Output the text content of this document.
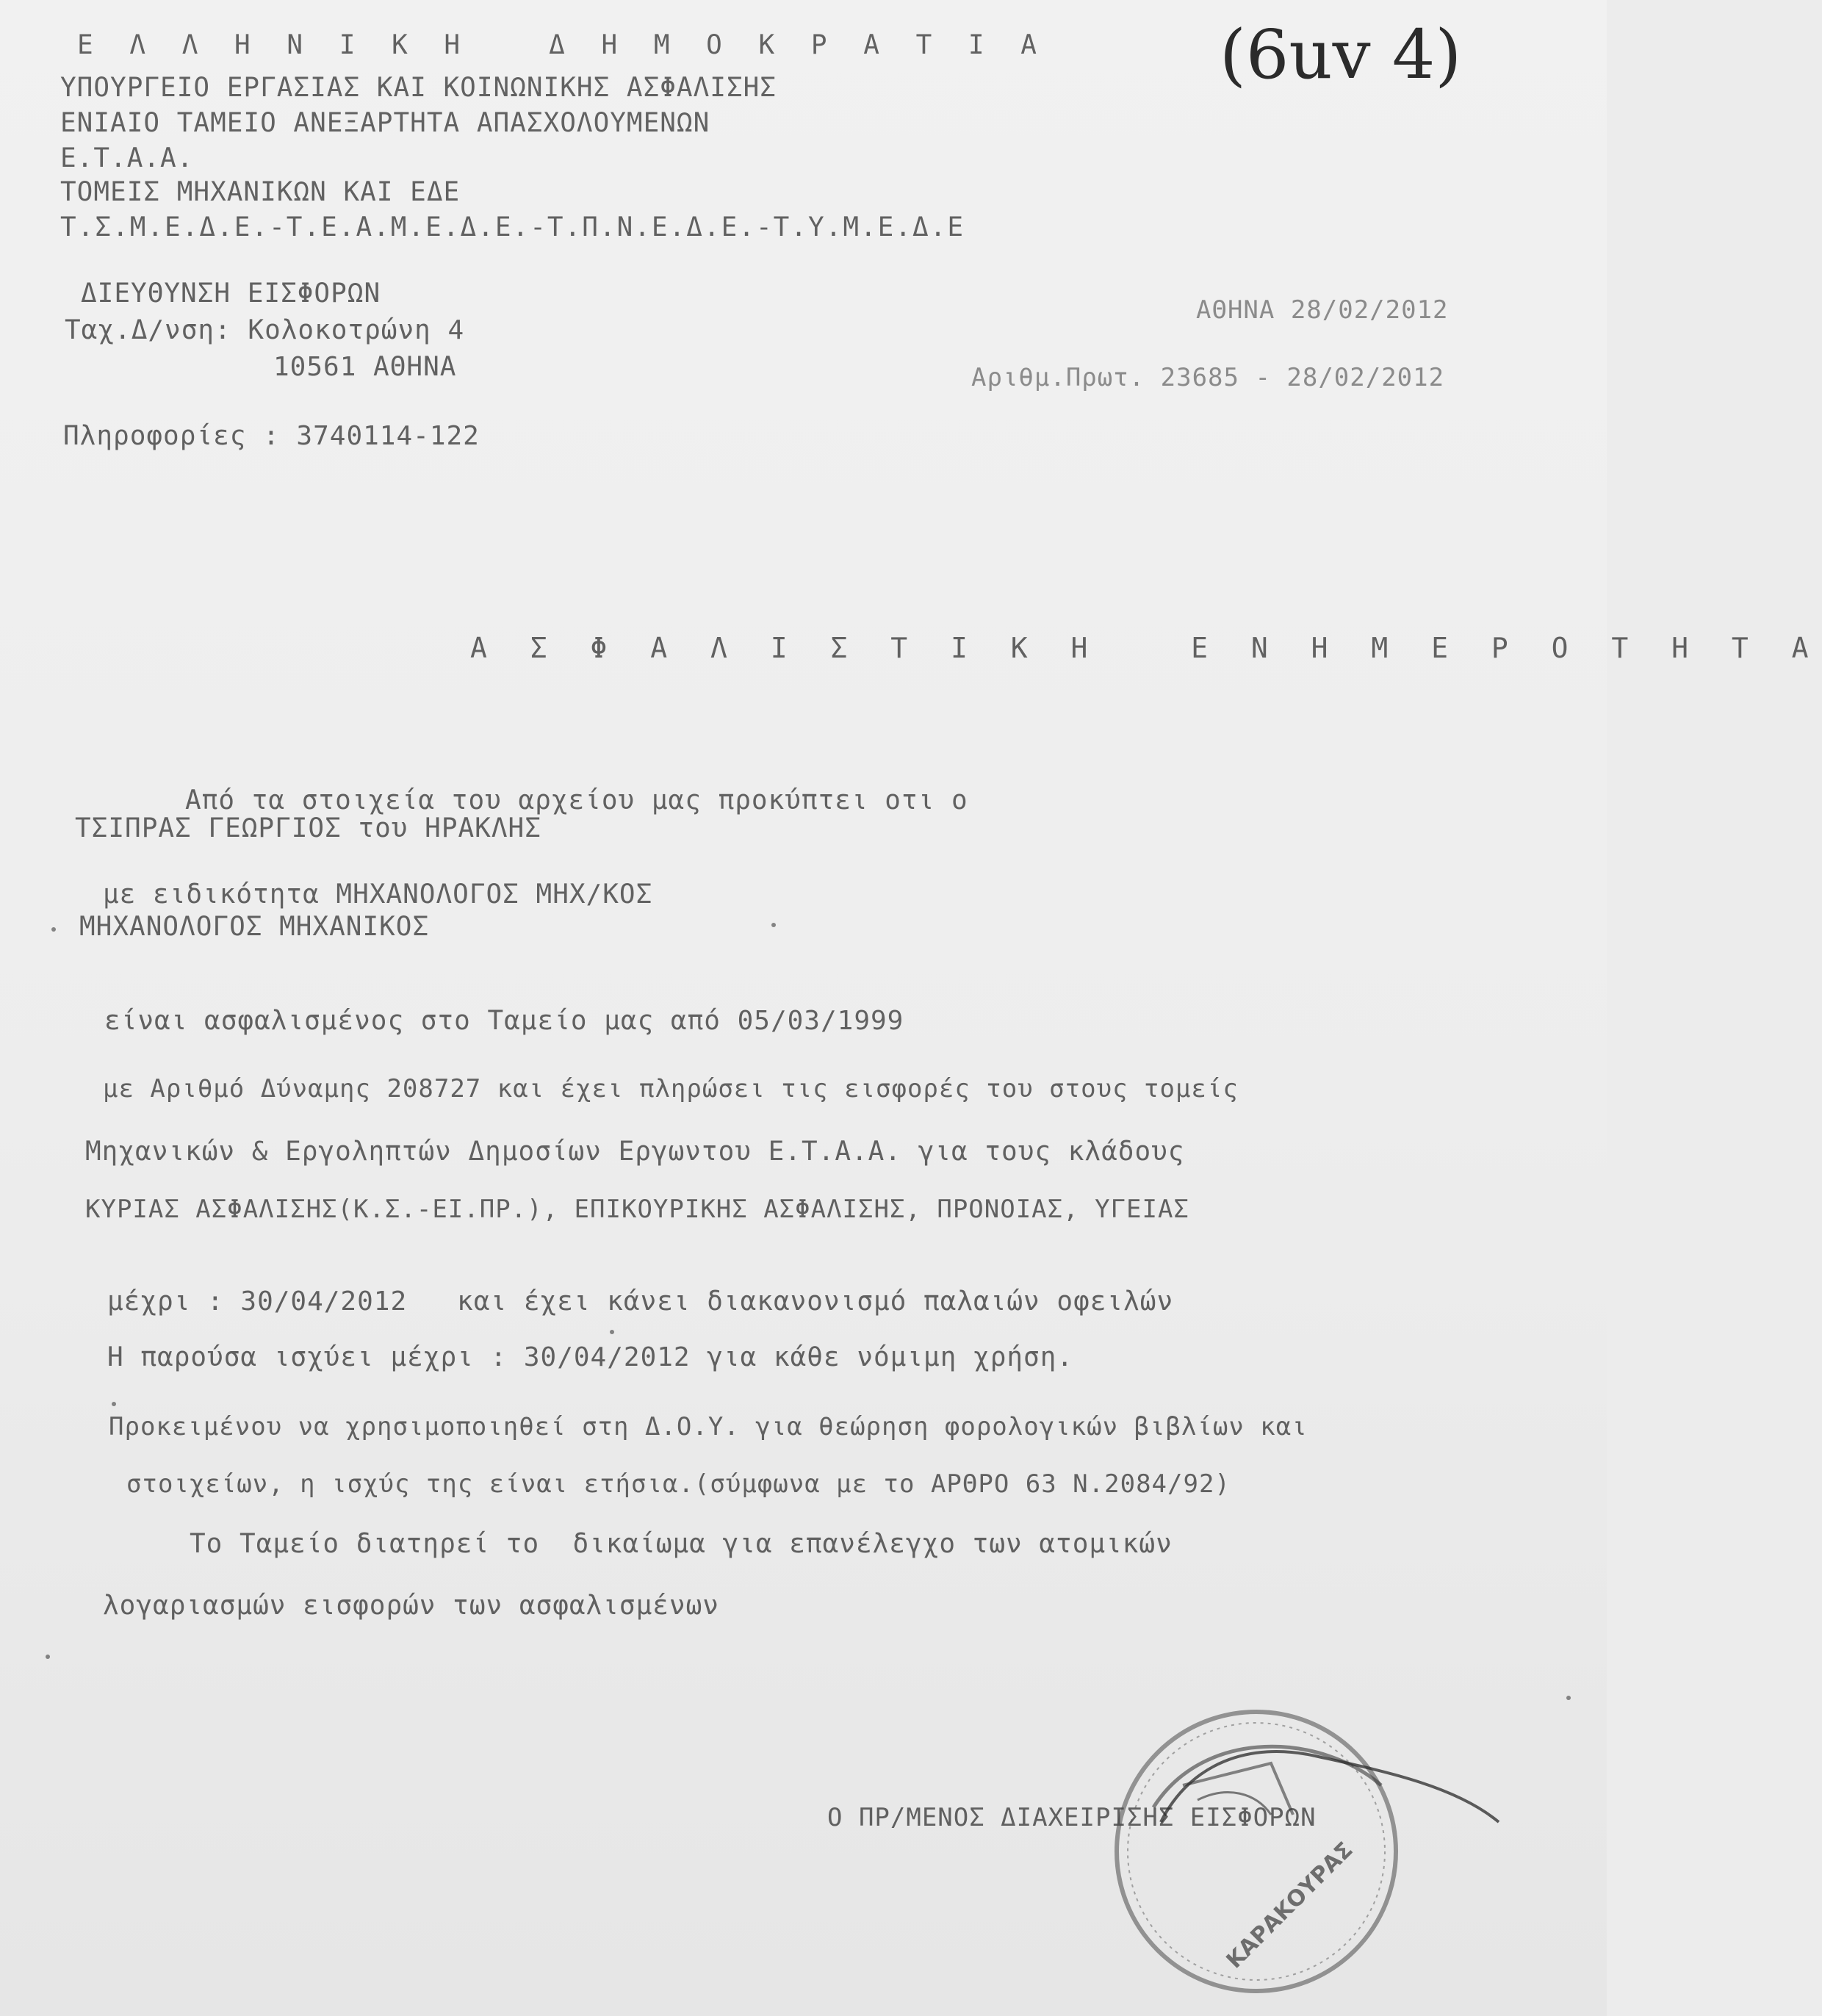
Ε Λ Λ Η Ν Ι Κ Η   Δ Η Μ Ο Κ Ρ Α Τ Ι Α
ΥΠΟΥΡΓΕΙΟ ΕΡΓΑΣΙΑΣ ΚΑΙ ΚΟΙΝΩΝΙΚΗΣ ΑΣΦΑΛΙΣΗΣ
ΕΝΙΑΙΟ ΤΑΜΕΙΟ ΑΝΕΞΑΡΤΗΤΑ ΑΠΑΣΧΟΛΟΥΜΕΝΩΝ
Ε.Τ.Α.Α.
ΤΟΜΕΙΣ ΜΗΧΑΝΙΚΩΝ ΚΑΙ ΕΔΕ
Τ.Σ.Μ.Ε.Δ.Ε.-Τ.Ε.Α.Μ.Ε.Δ.Ε.-Τ.Π.Ν.Ε.Δ.Ε.-Τ.Υ.Μ.Ε.Δ.Ε
(6uv 4)
ΔΙΕΥΘΥΝΣΗ ΕΙΣΦΟΡΩΝ
Ταχ.Δ/νση: Κολοκοτρώνη 4
10561 ΑΘΗΝΑ
Πληροφορίες : 3740114-122
ΑΘΗΝΑ 28/02/2012
Αριθμ.Πρωτ. 23685 - 28/02/2012
Α Σ Φ Α Λ Ι Σ Τ Ι Κ Η   Ε Ν Η Μ Ε Ρ Ο Τ Η Τ Α
Από τα στοιχεία του αρχείου μας προκύπτει οτι ο
ΤΣΙΠΡΑΣ ΓΕΩΡΓΙΟΣ του ΗΡΑΚΛΗΣ
με ειδικότητα ΜΗΧΑΝΟΛΟΓΟΣ ΜΗΧ/ΚΟΣ
ΜΗΧΑΝΟΛΟΓΟΣ ΜΗΧΑΝΙΚΟΣ
είναι ασφαλισμένος στο Ταμείο μας από 05/03/1999
με Αριθμό Δύναμης 208727 και έχει πληρώσει τις εισφορές του στους τομείς
Μηχανικών & Εργοληπτών Δημοσίων Εργωντου Ε.Τ.Α.Α. για τους κλάδους
ΚΥΡΙΑΣ ΑΣΦΑΛΙΣΗΣ(Κ.Σ.-ΕΙ.ΠΡ.), ΕΠΙΚΟΥΡΙΚΗΣ ΑΣΦΑΛΙΣΗΣ, ΠΡΟΝΟΙΑΣ, ΥΓΕΙΑΣ
μέχρι : 30/04/2012   και έχει κάνει διακανονισμό παλαιών οφειλών
Η παρούσα ισχύει μέχρι : 30/04/2012 για κάθε νόμιμη χρήση.
Προκειμένου να χρησιμοποιηθεί στη Δ.Ο.Υ. για θεώρηση φορολογικών βιβλίων και
στοιχείων, η ισχύς της είναι ετήσια.(σύμφωνα με το ΑΡΘΡΟ 63 Ν.2084/92)
Το Ταμείο διατηρεί το  δικαίωμα για επανέλεγχο των ατομικών
λογαριασμών εισφορών των ασφαλισμένων
Ο ΠΡ/ΜΕΝΟΣ ΔΙΑΧΕΙΡΙΣΗΣ ΕΙΣΦΟΡΩΝ
ΚΑΡΑΚΟΥΡΑΣ
